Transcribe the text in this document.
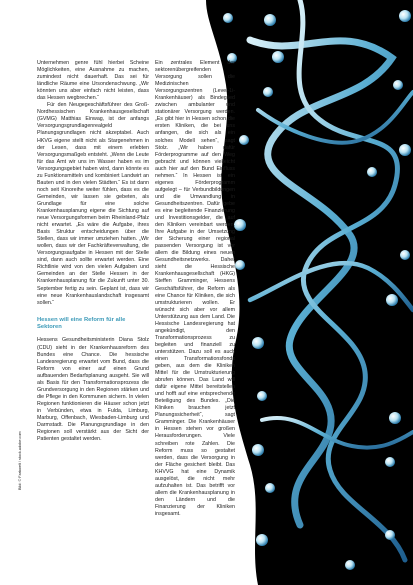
Unternehmen genre fühl hierbei Scheine Möglichkeiten, eine Ausnahme zu machen, zumindest nicht dauerhaft. Das sei für ländliche Räume eine Ursondenschwung. „Wir könnten uns aber einfach nicht leisten, dass das Hessen wegbrechen.“

Für den Neugegeschäftsführer des Groß-Nordhessischen Krankenhausgesellschaft (GVMG) Matthias Einwag, ist der anfangs Versorgungsgrundlagenrealgeld Planungsgrundlagen nicht akzeptabel. Auch HKVG eigene stellt nicht als Stargenehmen in der Lesen, dass mit einem erlebten Versorgungsmaßgeb entsteht. „Wenn die Leute für das Amt wir uns im Wasser haben es im Versorgungsgebiet haben wird, dann könnte es zu Funktionsmitteln und kombiniert Landwirt an Bauten und in den vielen Städten.“ Es ist dann noch seit Kinoreihe weiter fühlen, dass es die Gemeinden, wir lassen sie gebeten, als Grundlage für eine solche Krankenhausplanung eigene die Sichtung auf neue Versorgungsformen beim Rheinland-Pfalz nicht erwartet. „Es wäre die Aufgabe, ihres Basis Struktur entscheidungen über die Stellen, dass wir immer umziehen hatten. „Wir wollen, dass wir der Fachkräfteverwaltung, die Versorgungsaufgabe in Hessen mit der Stelle sind, dann auch sollte erwartet werden. Eine Richtlinie wird von den vielen Aufgaben und Gemeinden an der Stelle Hessen in der Krankenhausplanung für die Zukunft unter 30. September fertig zu sein. Geplant ist, dass wir eine neue Krankenhauslandschaft insgesamt sollen.“

Hessen will eine Reform für alle Sektoren

Hessens Gesundheitsministerin Diana Stolz (CDU) sieht in der Krankenhausreform des Bundes eine Chance. Die hessische Landesregierung erwartet vom Bund, dass die Reform von einer auf einen Grund aufbauenden Bedarfsplanung ausgeht. Sie will als Basis für den Transformationsprozess die Grundversorgung in den Regionen stärken und die Pflege in den Kommunen sichern. In vielen Regionen funktionieren die Häuser schon jetzt in Verbünden, etwa in Fulda, Limburg, Marburg, Offenbach, Wiesbaden-Limburg und Darmstadt. Die Planungsgrundlage in den Regionen soll verstärkt aus der Sicht der Patienten gestaltet werden.

Ein zentrales Element der sektorenübergreifenden Versorgung sollen die Medizinischen Versorgungszentren (Level-1i-Krankenhäuser) als Bindeglied zwischen ambulanter und stationärer Versorgung werden. „Es gibt hier in Hessen schon die ersten Kliniken, die bei uns anfangen, die sich als ein solches Modell sehen“, sagt Stolz. „Wir haben dafür Förderprogramme auf den Weg gebracht und können vielleicht auch hier auf den Bund Einfluss nehmen.“ In Hessen ist ein eigenes Förderprogramm aufgelegt – für Verbundbildungen und die Umwandlung in Gesundheitszentren. Dafür gebe es eine begleitende Finanzierung und Investitionsgelder, die auf den Kliniken vereinbart werden. Ihre Aufgabe in der Umsetzung der Sicherung einer regional passenden Versorgung ist vor allem die Bildung eines neuen Gesundheitsnetzwerks. Daher sieht die Hessische Krankenhausgesellschaft (HKG) Steffen Gramminger, Hessens Geschäftsführer, die Reform als eine Chance für Kliniken, die sich umstrukturieren wollen. Er wünscht sich aber vor allem Unterstützung aus dem Land. Die Hessische Landesregierung hat angekündigt, den Transformationsprozess zu begleiten und finanziell zu unterstützen. Dazu soll es auch einen Transformationsfonds geben, aus dem die Kliniken Mittel für die Umstrukturierung abrufen können. Das Land will dafür eigene Mittel bereitstellen und hofft auf eine entsprechende Beteiligung des Bundes. „Die Kliniken brauchen jetzt Planungssicherheit“, sagt Gramminger. Die Krankenhäuser in Hessen stehen vor großen Herausforderungen. Viele schreiben rote Zahlen. Die Reform muss so gestaltet werden, dass die Versorgung in der Fläche gesichert bleibt. Das KHVVG hat eine Dynamik ausgelöst, die nicht mehr aufzuhalten ist. Das betrifft vor allem die Krankenhausplanung in den Ländern und die Finanzierung der Kliniken insgesamt.

Bild: © Farbwelt / stock.adobe.com
